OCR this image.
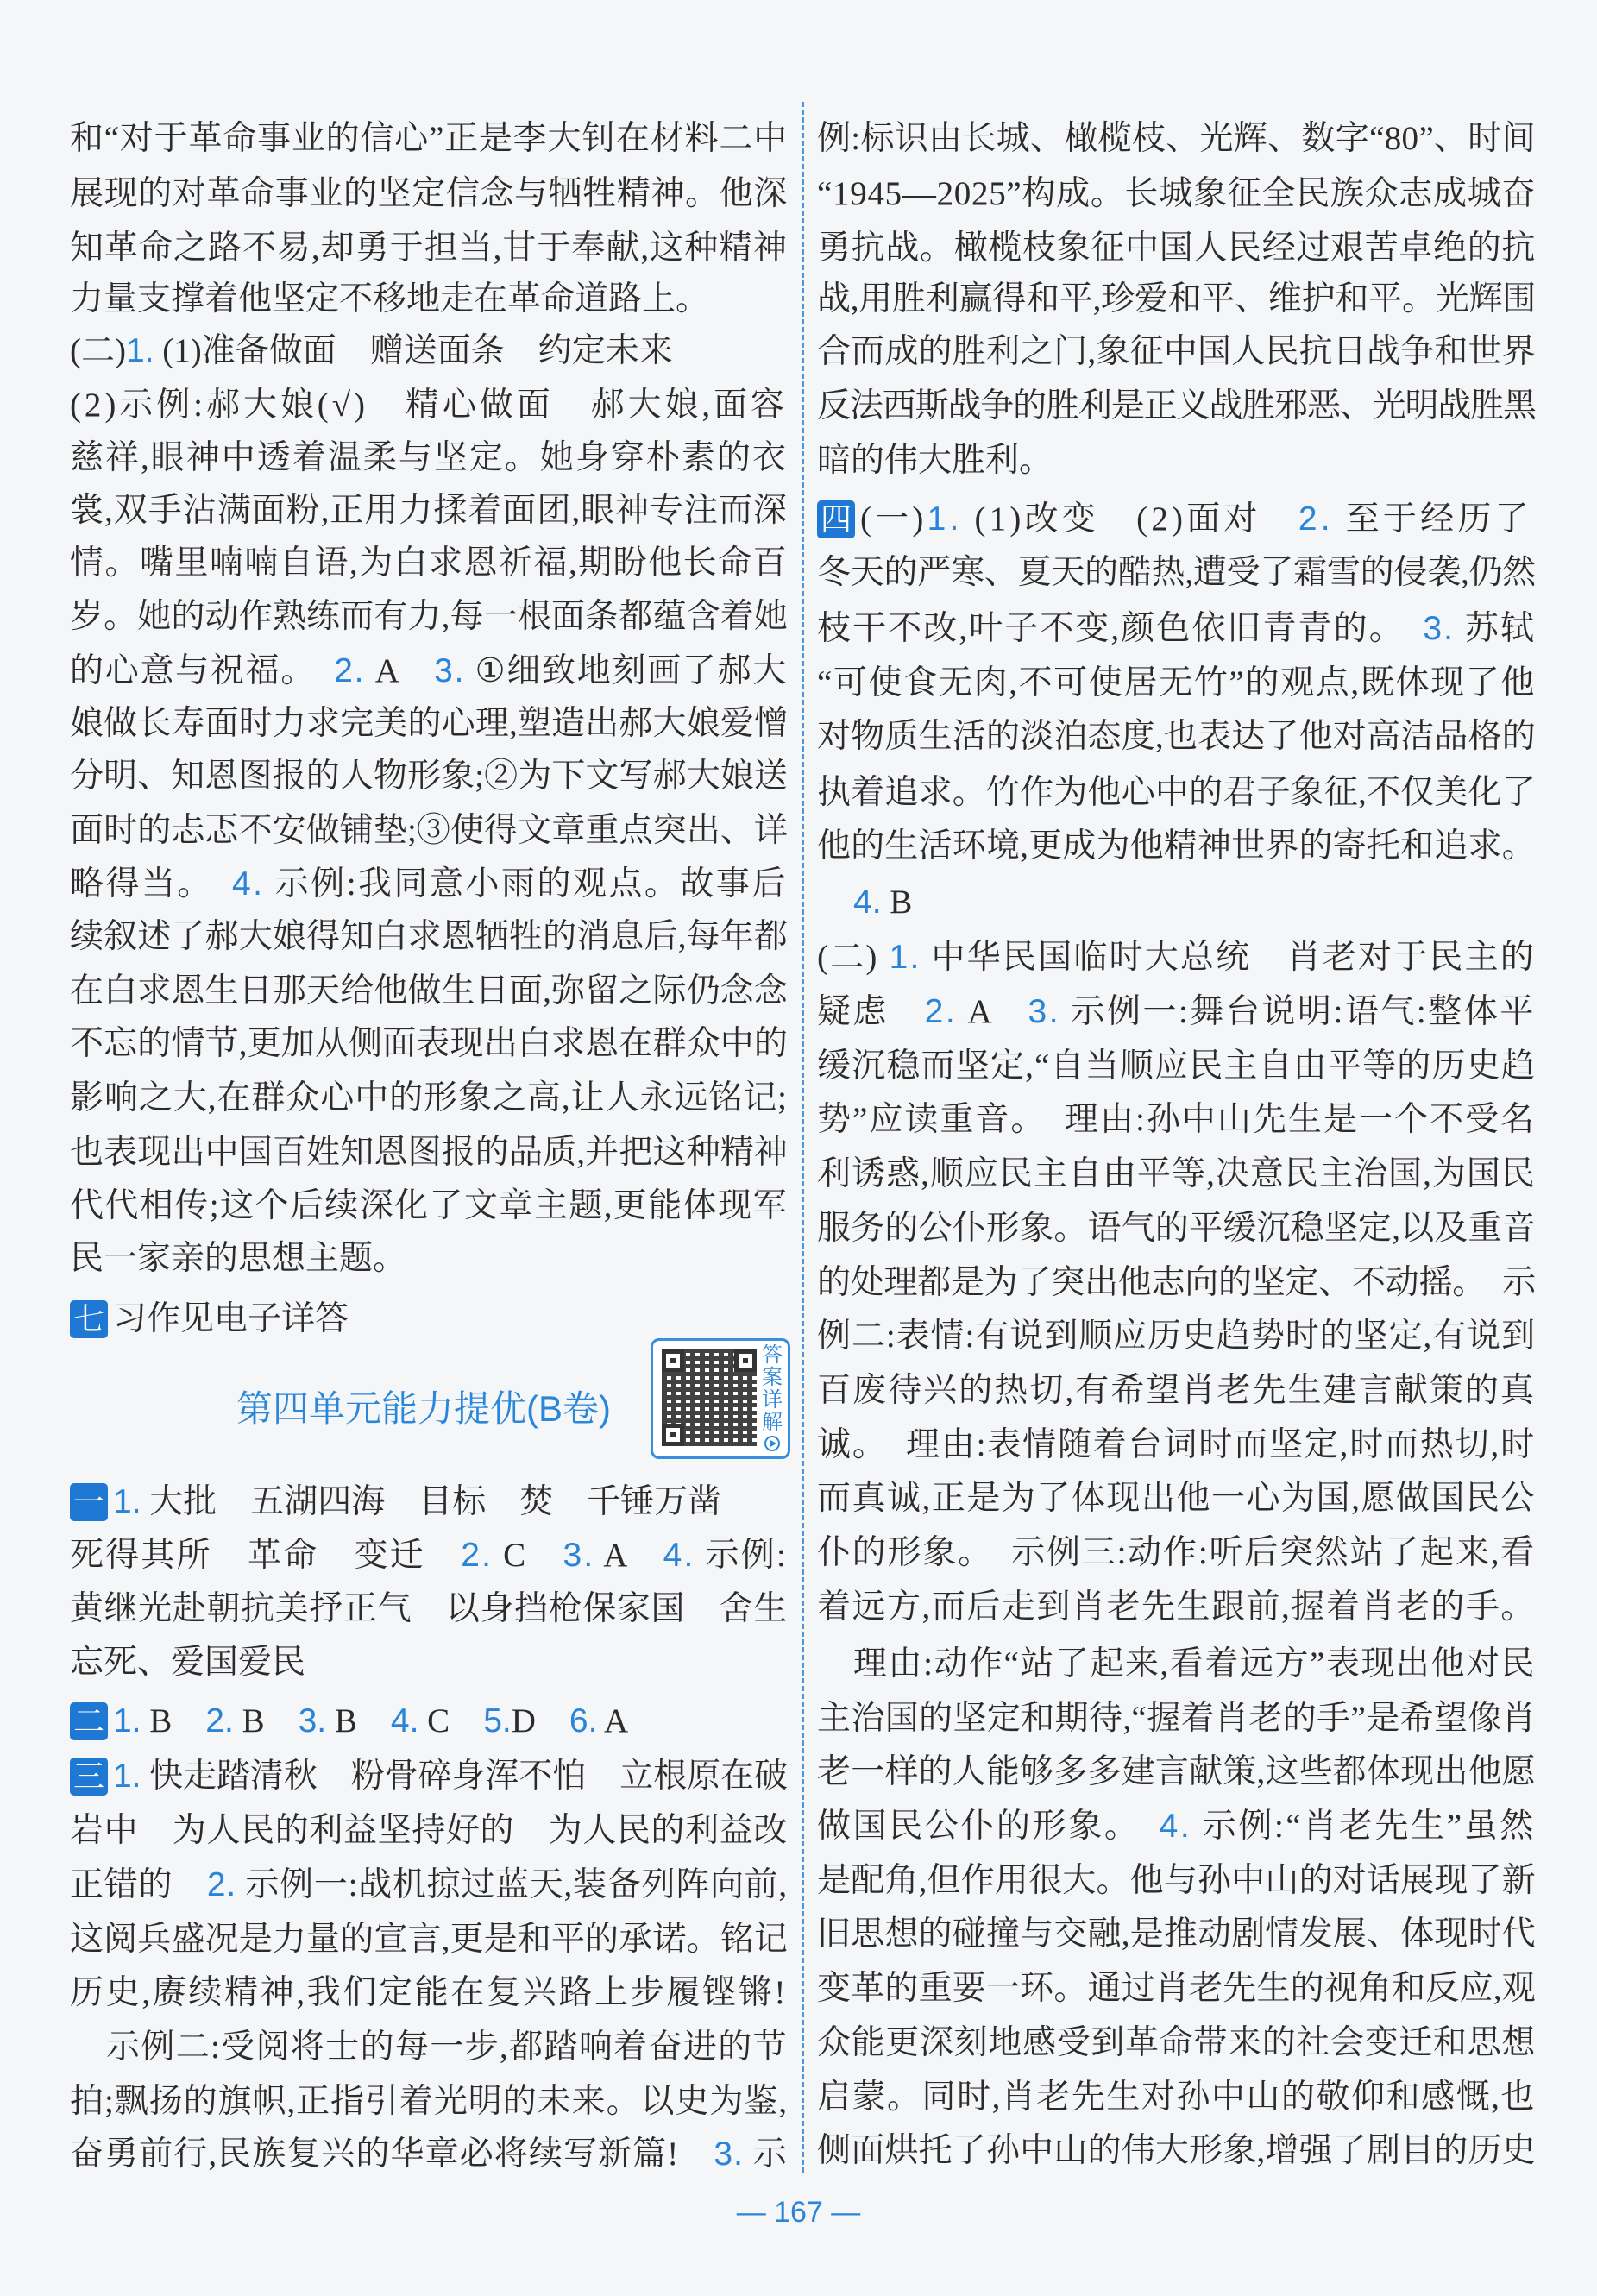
和“对于革命事业的信心”正是李大钊在材料二中
展现的对革命事业的坚定信念与牺牲精神。他深
知革命之路不易,却勇于担当,甘于奉献,这种精神
力量支撑着他坚定不移地走在革命道路上。
(二)1. (1)准备做面　赠送面条　约定未来
(2)示例:郝大娘(√)　精心做面　郝大娘,面容
慈祥,眼神中透着温柔与坚定。她身穿朴素的衣
裳,双手沾满面粉,正用力揉着面团,眼神专注而深
情。嘴里喃喃自语,为白求恩祈福,期盼他长命百
岁。她的动作熟练而有力,每一根面条都蕴含着她
的心意与祝福。　2. A　3. ①细致地刻画了郝大
娘做长寿面时力求完美的心理,塑造出郝大娘爱憎
分明、知恩图报的人物形象;②为下文写郝大娘送
面时的忐忑不安做铺垫;③使得文章重点突出、详
略得当。　4. 示例:我同意小雨的观点。故事后
续叙述了郝大娘得知白求恩牺牲的消息后,每年都
在白求恩生日那天给他做生日面,弥留之际仍念念
不忘的情节,更加从侧面表现出白求恩在群众中的
影响之大,在群众心中的形象之高,让人永远铭记;
也表现出中国百姓知恩图报的品质,并把这种精神
代代相传;这个后续深化了文章主题,更能体现军
民一家亲的思想主题。
七 习作见电子详答
一 1. 大批　五湖四海　目标　焚　千锤万凿
死得其所　革命　变迁　2. C　3. A　4. 示例:
黄继光赴朝抗美抒正气　以身挡枪保家国　舍生
忘死、爱国爱民
二 1. B　2. B　3. B　4. C　5.D　6. A
三 1. 快走踏清秋　粉骨碎身浑不怕　立根原在破
岩中　为人民的利益坚持好的　为人民的利益改
正错的　2. 示例一:战机掠过蓝天,装备列阵向前,
这阅兵盛况是力量的宣言,更是和平的承诺。铭记
历史,赓续精神,我们定能在复兴路上步履铿锵!
示例二:受阅将士的每一步,都踏响着奋进的节
拍;飘扬的旗帜,正指引着光明的未来。以史为鉴,
奋勇前行,民族复兴的华章必将续写新篇!　3. 示
例:标识由长城、橄榄枝、光辉、数字“80”、时间
“1945—2025”构成。长城象征全民族众志成城奋
勇抗战。橄榄枝象征中国人民经过艰苦卓绝的抗
战,用胜利赢得和平,珍爱和平、维护和平。光辉围
合而成的胜利之门,象征中国人民抗日战争和世界
反法西斯战争的胜利是正义战胜邪恶、光明战胜黑
暗的伟大胜利。
四 (一)1. (1)改变　(2)面对　2. 至于经历了
冬天的严寒、夏天的酷热,遭受了霜雪的侵袭,仍然
枝干不改,叶子不变,颜色依旧青青的。　3. 苏轼
“可使食无肉,不可使居无竹”的观点,既体现了他
对物质生活的淡泊态度,也表达了他对高洁品格的
执着追求。竹作为他心中的君子象征,不仅美化了
他的生活环境,更成为他精神世界的寄托和追求。
4. B
(二) 1. 中华民国临时大总统　肖老对于民主的
疑虑　2. A　3. 示例一:舞台说明:语气:整体平
缓沉稳而坚定,“自当顺应民主自由平等的历史趋
势”应读重音。　理由:孙中山先生是一个不受名
利诱惑,顺应民主自由平等,决意民主治国,为国民
服务的公仆形象。语气的平缓沉稳坚定,以及重音
的处理都是为了突出他志向的坚定、不动摇。　示
例二:表情:有说到顺应历史趋势时的坚定,有说到
百废待兴的热切,有希望肖老先生建言献策的真
诚。　理由:表情随着台词时而坚定,时而热切,时
而真诚,正是为了体现出他一心为国,愿做国民公
仆的形象。　示例三:动作:听后突然站了起来,看
着远方,而后走到肖老先生跟前,握着肖老的手。
理由:动作“站了起来,看着远方”表现出他对民
主治国的坚定和期待,“握着肖老的手”是希望像肖
老一样的人能够多多建言献策,这些都体现出他愿
做国民公仆的形象。　4. 示例:“肖老先生”虽然
是配角,但作用很大。他与孙中山的对话展现了新
旧思想的碰撞与交融,是推动剧情发展、体现时代
变革的重要一环。通过肖老先生的视角和反应,观
众能更深刻地感受到革命带来的社会变迁和思想
启蒙。同时,肖老先生对孙中山的敬仰和感慨,也
侧面烘托了孙中山的伟大形象,增强了剧目的历史
第四单元能力提优(B卷)
答案详解
— 167 —
